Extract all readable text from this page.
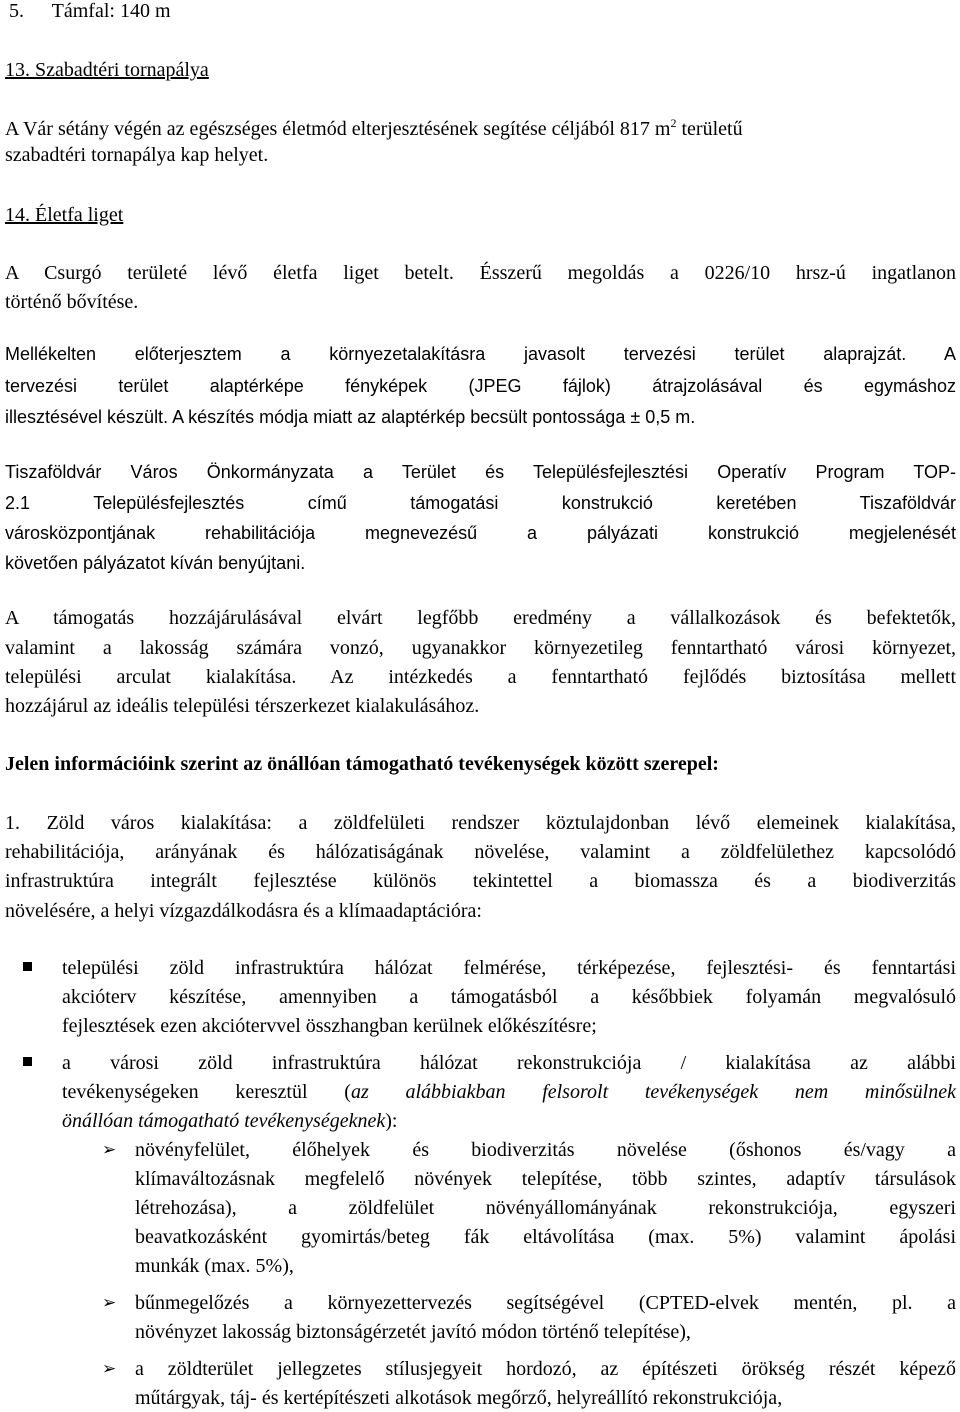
5. Támfal: 140 m
13. Szabadtéri tornapálya
A Vár sétány végén az egészséges életmód elterjesztésének segítése céljából 817 $m^2$ területű
szabadtéri tornapálya kap helyet.
14. Életfa liget
A Csurgó területé lévő életfa liget betelt. Ésszerű megoldás a 0226/10 hrsz-ú ingatlanon
történő bővítése.
Mellékelten előterjesztem a környezetalakításra javasolt tervezési terület alaprajzát. A
tervezési terület alaptérképe fényképek (JPEG fájlok) átrajzolásával és egymáshoz
illesztésével készült. A készítés módja miatt az alaptérkép becsült pontossága ± 0,5 m.
Tiszaföldvár Város Önkormányzata a Terület és Településfejlesztési Operatív Program TOP-
2.1 Településfejlesztés című támogatási konstrukció keretében Tiszaföldvár
városközpontjának rehabilitációja megnevezésű a pályázati konstrukció megjelenését
követően pályázatot kíván benyújtani.
A támogatás hozzájárulásával elvárt legfőbb eredmény a vállalkozások és befektetők,
valamint a lakosság számára vonzó, ugyanakkor környezetileg fenntartható városi környezet,
települési arculat kialakítása. Az intézkedés a fenntartható fejlődés biztosítása mellett
hozzájárul az ideális települési térszerkezet kialakulásához.
Jelen információink szerint az önállóan támogatható tevékenységek között szerepel:
1. Zöld város kialakítása: a zöldfelületi rendszer köztulajdonban lévő elemeinek kialakítása,
rehabilitációja, arányának és hálózatiságának növelése, valamint a zöldfelülethez kapcsolódó
infrastruktúra integrált fejlesztése különös tekintettel a biomassza és a biodiverzitás
növelésére, a helyi vízgazdálkodásra és a klímaadaptációra:
települési zöld infrastruktúra hálózat felmérése, térképezése, fejlesztési- és fenntartási
akcióterv készítése, amennyiben a támogatásból a későbbiek folyamán megvalósuló
fejlesztések ezen akciótervvel összhangban kerülnek előkészítésre;
a városi zöld infrastruktúra hálózat rekonstrukciója / kialakítása az alábbi
tevékenységeken keresztül (az alábbiakban felsorolt tevékenységek nem minősülnek
önállóan támogatható tevékenységeknek):
➢
➢
➢
növényfelület, élőhelyek és biodiverzitás növelése (őshonos és/vagy a
klímaváltozásnak megfelelő növények telepítése, több szintes, adaptív társulások
létrehozása), a zöldfelület növényállományának rekonstrukciója, egyszeri
beavatkozásként gyomirtás/beteg fák eltávolítása (max. 5%) valamint ápolási
munkák (max. 5%),
bűnmegelőzés a környezettervezés segítségével (CPTED-elvek mentén, pl. a
növényzet lakosság biztonságérzetét javító módon történő telepítése),
a zöldterület jellegzetes stílusjegyeit hordozó, az építészeti örökség részét képező
műtárgyak, táj- és kertépítészeti alkotások megőrző, helyreállító rekonstrukciója,
